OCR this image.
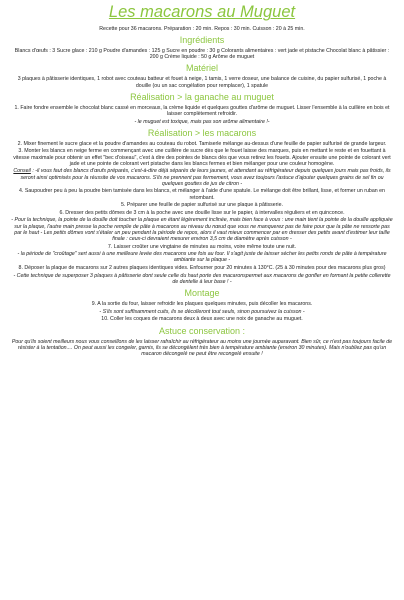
Les macarons au Muguet
Recette pour 36 macarons. Préparation : 20 min. Repos : 30 min. Cuisson : 20 à 25 min.
Ingrédients
Blancs d'œufs : 3 Sucre glace : 210 g Poudre d'amandes : 125 g Sucre en poudre : 30 g Colorants alimentaires : vert jade et pistache Chocolat blanc à pâtissier : 200 g Crème liquide : 50 g Arôme de muguet
Matériel
3 plaques à pâtisserie identiques, 1 robot avec couteau batteur et fouet à neige, 1 tamis, 1 verre doseur, une balance de cuisine, du papier sulfurisé, 1 poche à douille (ou un sac congélation pour remplacer), 1 spatule
Réalisation > la ganache au muguet
1. Faire fondre ensemble le chocolat blanc cassé en morceaux, la crème liquide et quelques gouttes d'arôme de muguet. Lisser l'ensemble à la cuillère en bois et laisser complètement refroidir.
- le muguet est toxique, mais pas son arôme alimentaire !-
Réalisation > les macarons
2. Mixer finement le sucre glace et la poudre d'amandes au couteau du robot. Tamiserle mélange au-dessus d'une feuille de papier sulfurisé de grande largeur.
3. Monter les blancs en neige ferme en commençant avec une cuillère de sucre dès que le fouet laisse des marques, puis en mettant le reste et en fouettant à vitesse maximale pour obtenir un effet "bec d'oiseau", c'est à dire des pointes de blancs dès que vous retirez les fouets. Ajouter ensuite une pointe de colorant vert jade et une pointe de colorant vert pistache dans les blancs fermes et bien mélanger pour une couleur homogène.
Conseil : -il vous faut des blancs d'œufs préparés, c'est-à-dire déjà séparés de leurs jaunes, et attendant au réfrigérateur depuis quelques jours mais pas froids, ils seront ainsi optimisés pour la réussite de vos macarons. S'ils ne prennent pas fermement, vous avez toujours l'astuce d'ajouter quelques grains de sel fin ou quelques gouttes de jus de citron -
4. Saupoudrer peu à peu la poudre bien tamisée dans les blancs, et mélanger à l'aide d'une spatule. Le mélange doit être brillant, lisse, et former un ruban en retombant.
5. Préparer une feuille de papier sulfurisé sur une plaque à pâtisserie.
6. Dresser des petits dômes de 3 cm à la poche avec une douille lisse sur le papier, à intervalles réguliers et en quinconce.
- Pour la technique, la pointe de la douille doit toucher la plaque en étant légèrement inclinée, mais bien face à vous : une main tient la pointe de la douille appliquée sur la plaque, l'autre main presse la poche remplie de pâte à macarons au niveau du nœud que vous ne manquerez pas de faire pour que la pâte ne ressorte pas par le haut - Les petits dômes vont s'étaler un peu pendant la période de repos, alors il vaut mieux commencer par en dresser des petits avant d'estimer leur taille finale : ceux-ci devraient mesurer environ 3,5 cm de diamètre après cuisson -
7. Laisser croûter une vingtaine de minutes au moins, voire même toute une nuit.
- la période de "croûtage" sert aussi à une meilleure levée des macarons une fois au four. Il s'agit juste de laisser sécher les petits ronds de pâte à température ambiante sur la plaque -
8. Déposer la plaque de macarons sur 2 autres plaques identiques vides. Enfourner pour 20 minutes à 130°C. (25 à 30 minutes pour des macarons plus gros)
- Cette technique de superposer 3 plaques à pâtisserie dont seule celle du haut porte des macaronspermet aux macarons de gonfler en formant la petite collerette de dentelle à leur base ! -
Montage
9. A la sortie du four, laisser refroidir les plaques quelques minutes, puis décoller les macarons.
- S'ils sont suffisamment cuits, ils se décolleront tout seuls, sinon poursuivez la cuisson -
10. Coller les coques de macarons deux à deux avec une noix de ganache au muguet.
Astuce conservation :
Pour qu'ils soient meilleurs nous vous conseillons de les laisser rafraîchir au réfrigérateur au moins une journée auparavant. Bien sûr, ce n'est pas toujours facile de résister à la tentation.... On peut aussi les congeler, garnis, ils se décongèlent très bien à température ambiante (environ 30 minutes). Mais n'oubliez pas qu'un macaron décongelé ne peut être recongelé ensuite !
